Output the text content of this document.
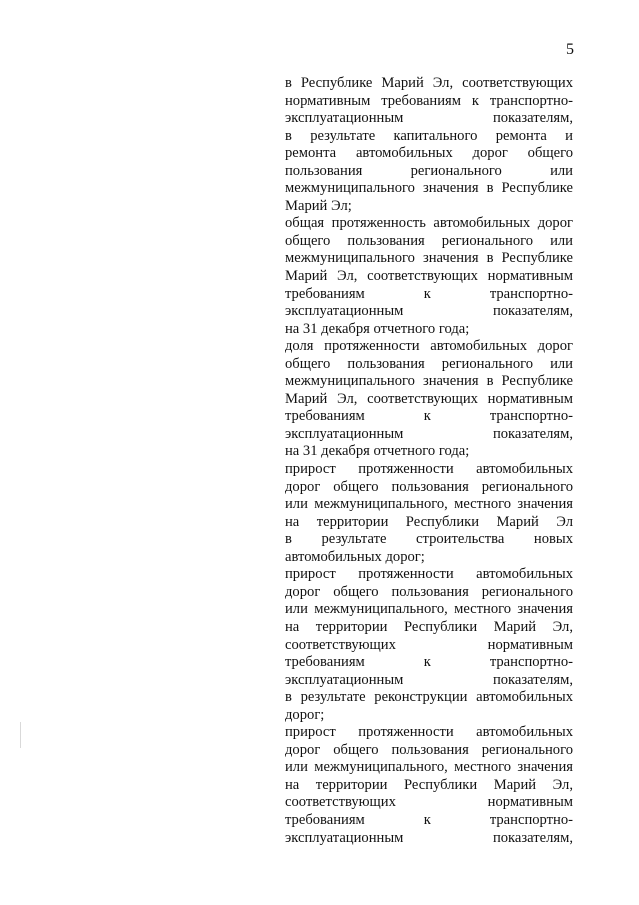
5
в Республике Марий Эл, соответствующих
нормативным требованиям к транспортно-
эксплуатационным показателям,
в результате капитального ремонта и
ремонта автомобильных дорог общего
пользования регионального или
межмуниципального значения в Республике
Марий Эл;
общая протяженность автомобильных дорог
общего пользования регионального или
межмуниципального значения в Республике
Марий Эл, соответствующих нормативным
требованиям к транспортно-
эксплуатационным показателям,
на 31 декабря отчетного года;
доля протяженности автомобильных дорог
общего пользования регионального или
межмуниципального значения в Республике
Марий Эл, соответствующих нормативным
требованиям к транспортно-
эксплуатационным показателям,
на 31 декабря отчетного года;
прирост протяженности автомобильных
дорог общего пользования регионального
или межмуниципального, местного значения
на территории Республики Марий Эл
в результате строительства новых
автомобильных дорог;
прирост протяженности автомобильных
дорог общего пользования регионального
или межмуниципального, местного значения
на территории Республики Марий Эл,
соответствующих нормативным
требованиям к транспортно-
эксплуатационным показателям,
в результате реконструкции автомобильных
дорог;
прирост протяженности автомобильных
дорог общего пользования регионального
или межмуниципального, местного значения
на территории Республики Марий Эл,
соответствующих нормативным
требованиям к транспортно-
эксплуатационным показателям,
